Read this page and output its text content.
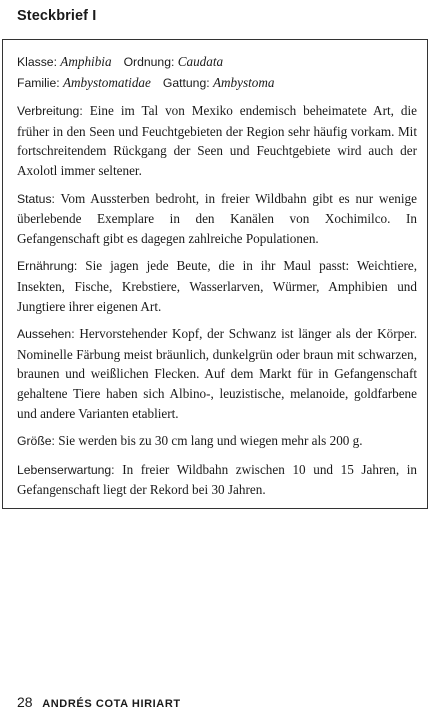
Steckbrief I

Klasse: Amphibia Ordnung: Caudata

Familie: Ambystomatidae Gattung: Ambystoma

Verbreitung: Eine im Tal von Mexiko endemisch beheimatete Art, die früher in den Seen und Feuchtgebieten der Region sehr häufig vorkam. Mit fortschreitendem Rückgang der Seen und Feuchtgebiete wird auch der Axolotl immer seltener.

Status: Vom Aussterben bedroht, in freier Wildbahn gibt es nur wenige überlebende Exemplare in den Kanälen von Xochimilco. In Gefangenschaft gibt es dagegen zahlreiche Populationen.

Ernährung: Sie jagen jede Beute, die in ihr Maul passt: Weichtiere, Insekten, Fische, Krebstiere, Wasserlarven, Würmer, Amphibien und Jungtiere ihrer eigenen Art.

Aussehen: Hervorstehender Kopf, der Schwanz ist länger als der Körper. Nominelle Färbung meist bräunlich, dunkelgrün oder braun mit schwarzen, braunen und weißlichen Flecken. Auf dem Markt für in Gefangenschaft gehaltene Tiere haben sich Albino-, leuzistische, melanoide, goldfarbene und andere Varianten etabliert.

Größe: Sie werden bis zu 30 cm lang und wiegen mehr als 200 g.

Lebenserwartung: In freier Wildbahn zwischen 10 und 15 Jahren, in Gefangenschaft liegt der Rekord bei 30 Jahren.

28 ANDRÉS COTA HIRIART
